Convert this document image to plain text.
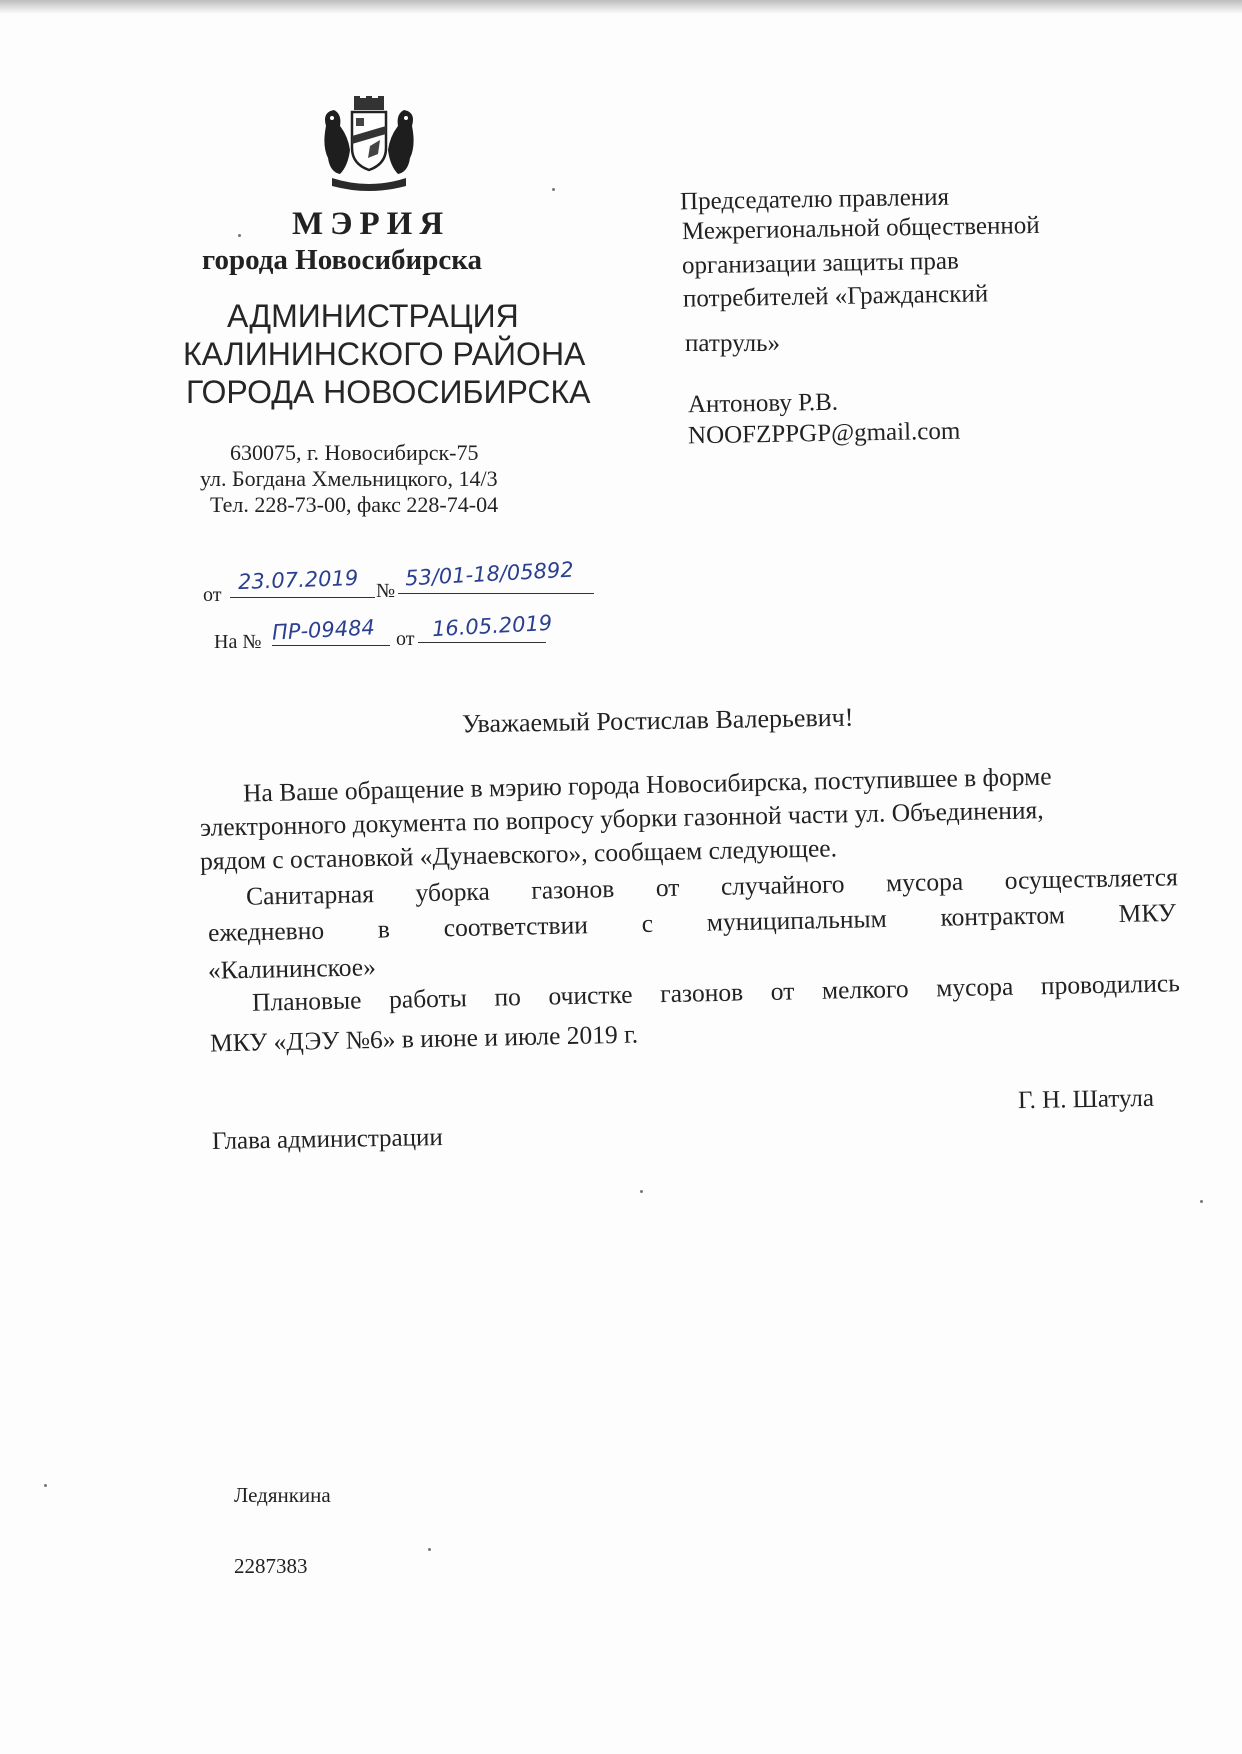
МЭРИЯ
города Новосибирска
АДМИНИСТРАЦИЯ
КАЛИНИНСКОГО РАЙОНА
ГОРОДА НОВОСИБИРСКА
630075, г. Новосибирск-75
ул. Богдана Хмельницкого, 14/3
Тел. 228-73-00, факс 228-74-04
от
23.07.2019 №
53/01-18/05892
На № ПР-09484 от 16.05.2019
Председателю правления
Межрегиональной общественной
организации защиты прав
потребителей «Гражданский
патруль»
Антонову Р.В.
NOOFZPPGP@gmail.com
Уважаемый Ростислав Валерьевич!
На Ваше обращение в мэрию города Новосибирска, поступившее в форме
электронного документа по вопросу уборки газонной части ул. Объединения,
рядом с остановкой «Дунаевского», сообщаем следующее.
Санитарная уборка газонов от случайного мусора осуществляется
ежедневно в соответствии с муниципальным контрактом МКУ
«Калининское»
Плановые работы по очистке газонов от мелкого мусора проводились
МКУ «ДЭУ №6» в июне и июле 2019 г.
Г. Н. Шатула
Глава администрации
Ледянкина
2287383
